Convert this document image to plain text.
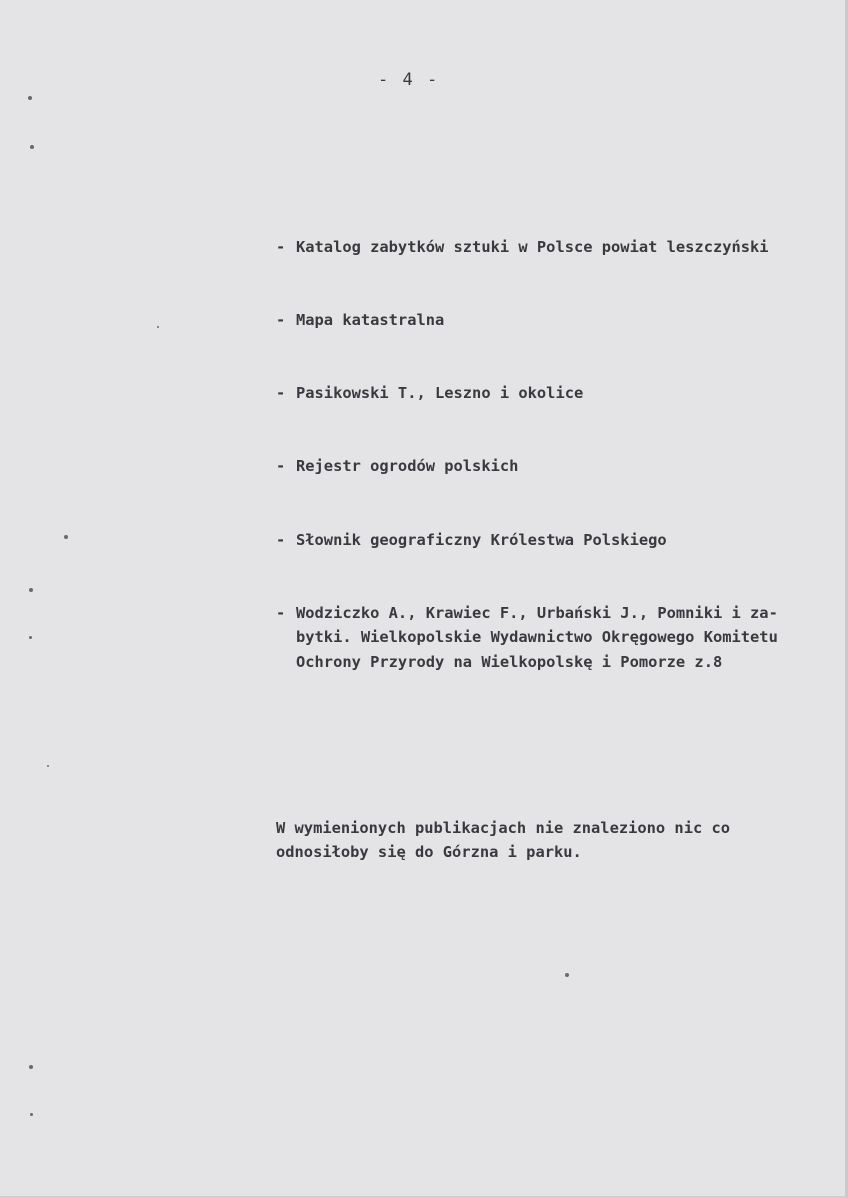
- 4 -

- Katalog zabytków sztuki w Polsce powiat leszczyński

- Mapa katastralna

- Pasikowski T., Leszno i okolice

- Rejestr ogrodów polskich

- Słownik geograficzny Królestwa Polskiego

- Wodziczko A., Krawiec F., Urbański J., Pomniki i za-
bytki. Wielkopolskie Wydawnictwo Okręgowego Komitetu
Ochrony Przyrody na Wielkopolskę i Pomorze z.8

W wymienionych publikacjach nie znaleziono nic co
odnosiłoby się do Górzna i parku.
